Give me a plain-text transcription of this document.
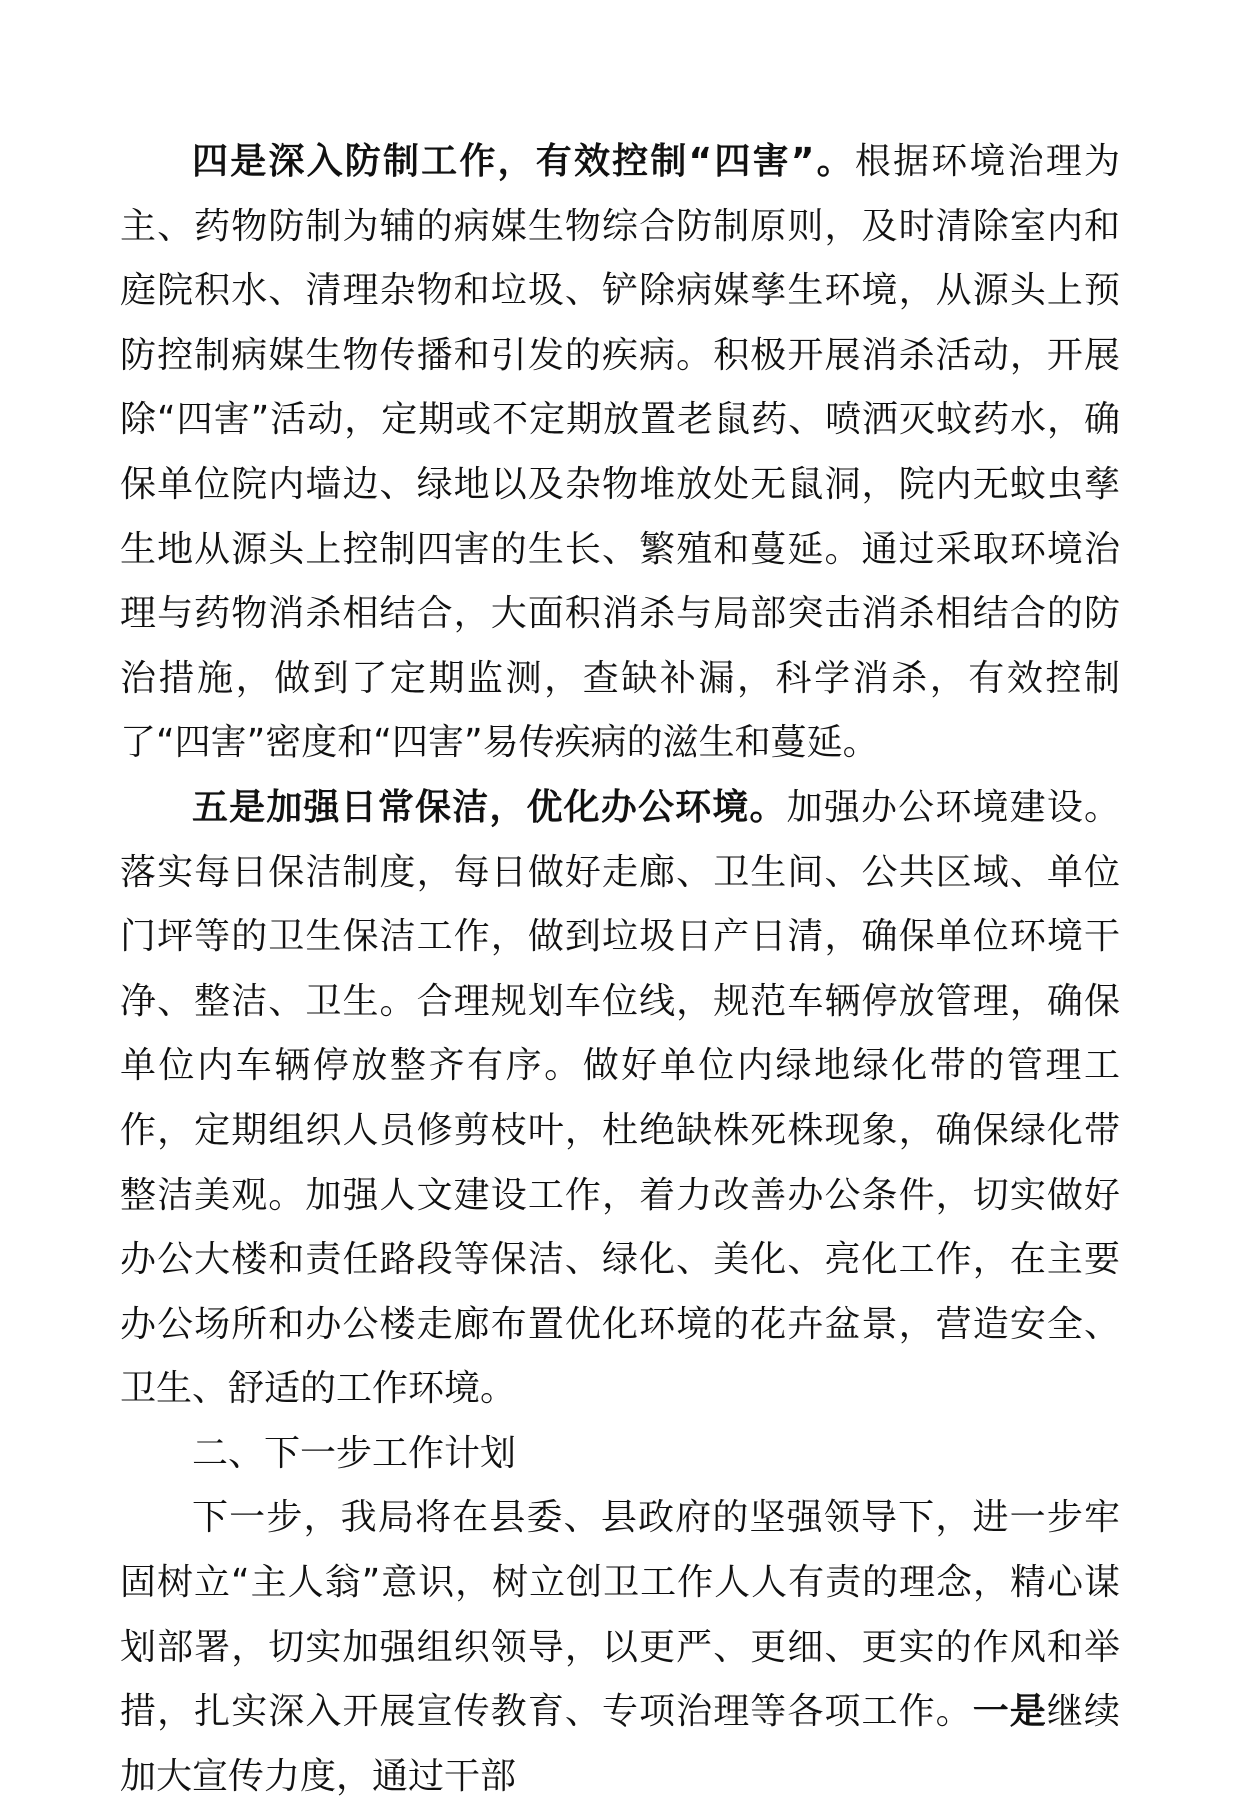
四是深入防制工作，有效控制“四害”。根据环境治理为主、药物防制为辅的病媒生物综合防制原则，及时清除室内和庭院积水、清理杂物和垃圾、铲除病媒孳生环境，从源头上预防控制病媒生物传播和引发的疾病。积极开展消杀活动，开展除“四害”活动，定期或不定期放置老鼠药、喷洒灭蚊药水，确保单位院内墙边、绿地以及杂物堆放处无鼠洞，院内无蚊虫孳生地从源头上控制四害的生长、繁殖和蔓延。通过采取环境治理与药物消杀相结合，大面积消杀与局部突击消杀相结合的防治措施，做到了定期监测，查缺补漏，科学消杀，有效控制了“四害”密度和“四害”易传疾病的滋生和蔓延。

五是加强日常保洁，优化办公环境。加强办公环境建设。落实每日保洁制度，每日做好走廊、卫生间、公共区域、单位门坪等的卫生保洁工作，做到垃圾日产日清，确保单位环境干净、整洁、卫生。合理规划车位线，规范车辆停放管理，确保单位内车辆停放整齐有序。做好单位内绿地绿化带的管理工作，定期组织人员修剪枝叶，杜绝缺株死株现象，确保绿化带整洁美观。加强人文建设工作，着力改善办公条件，切实做好办公大楼和责任路段等保洁、绿化、美化、亮化工作，在主要办公场所和办公楼走廊布置优化环境的花卉盆景，营造安全、卫生、舒适的工作环境。

二、下一步工作计划

下一步，我局将在县委、县政府的坚强领导下，进一步牢固树立“主人翁”意识，树立创卫工作人人有责的理念，精心谋划部署，切实加强组织领导，以更严、更细、更实的作风和举措，扎实深入开展宣传教育、专项治理等各项工作。一是继续加大宣传力度，通过干部
